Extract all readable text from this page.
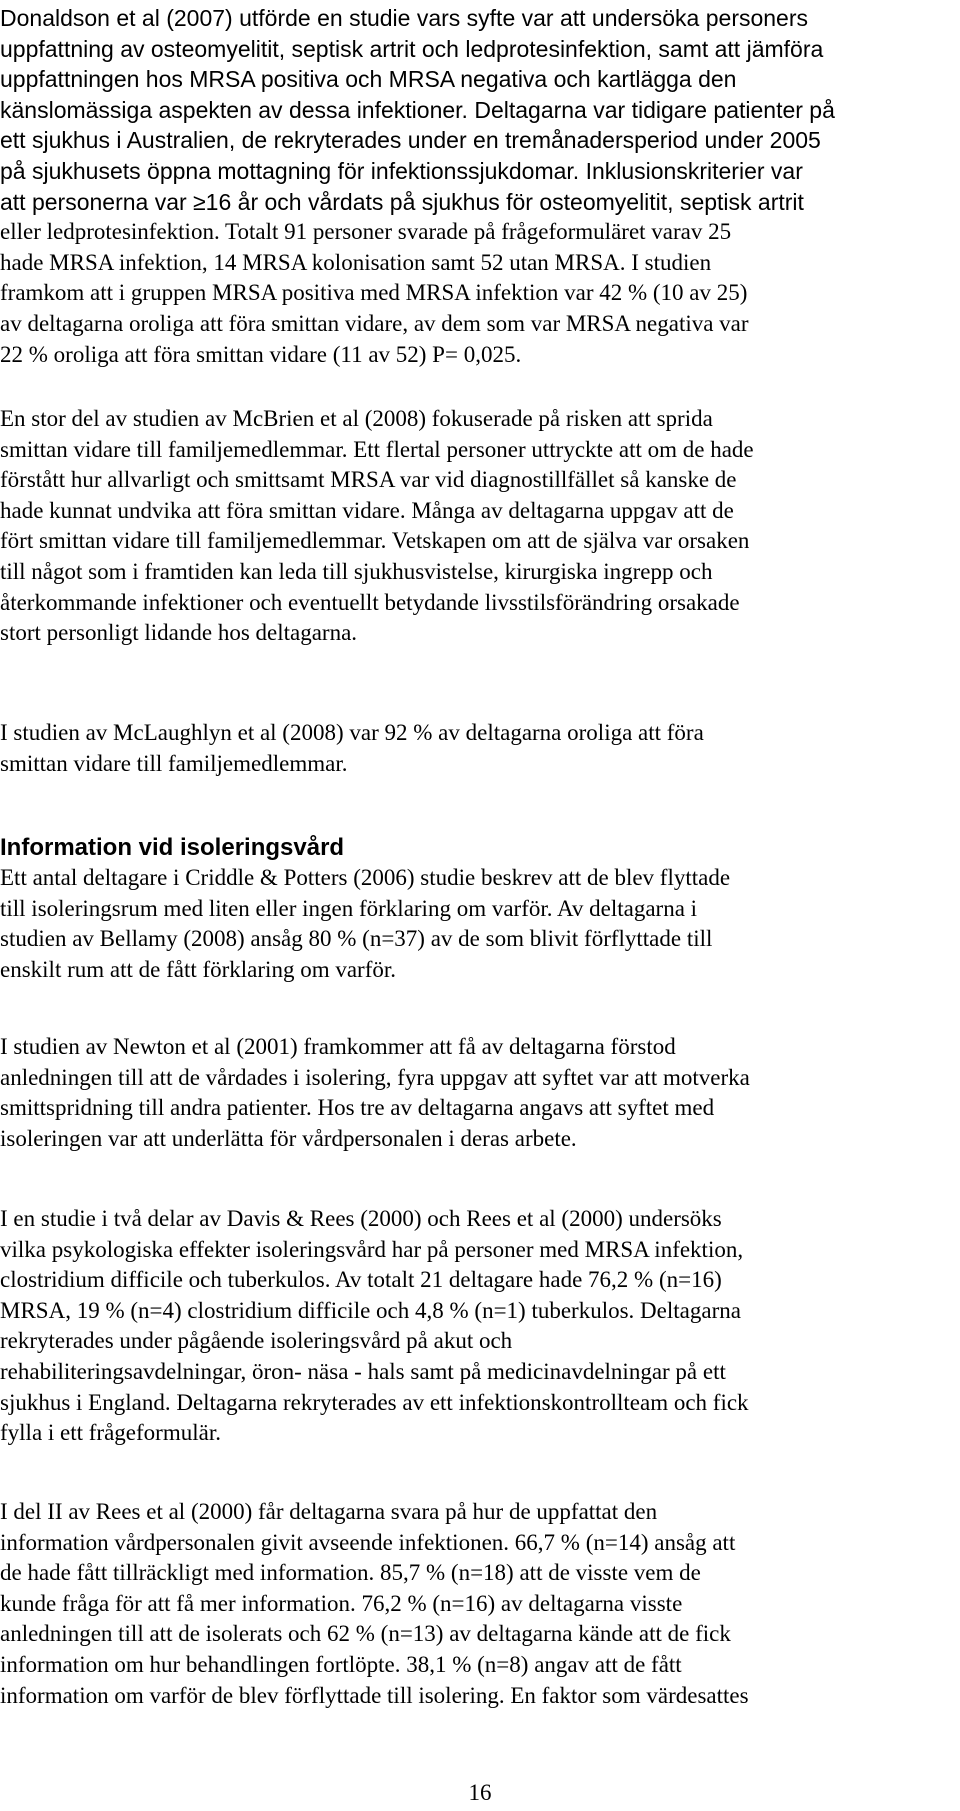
Donaldson et al (2007) utförde en studie vars syfte var att undersöka personers
uppfattning av osteomyelitit, septisk artrit och ledprotesinfektion, samt att jämföra
uppfattningen hos MRSA positiva och MRSA negativa och kartlägga den
känslomässiga aspekten av dessa infektioner. Deltagarna var tidigare patienter på
ett sjukhus i Australien, de rekryterades under en tremånadersperiod under 2005
på sjukhusets öppna mottagning för infektionssjukdomar. Inklusionskriterier var
att personerna var ≥16 år och vårdats på sjukhus för osteomyelitit, septisk artrit
eller ledprotesinfektion. Totalt 91 personer svarade på frågeformuläret varav 25
hade MRSA infektion, 14 MRSA kolonisation samt 52 utan MRSA. I studien
framkom att i gruppen MRSA positiva med MRSA infektion var 42 % (10 av 25)
av deltagarna oroliga att föra smittan vidare, av dem som var MRSA negativa var
22 % oroliga att föra smittan vidare (11 av 52) P= 0,025.
En stor del av studien av McBrien et al (2008) fokuserade på risken att sprida
smittan vidare till familjemedlemmar. Ett flertal personer uttryckte att om de hade
förstått hur allvarligt och smittsamt MRSA var vid diagnostillfället så kanske de
hade kunnat undvika att föra smittan vidare. Många av deltagarna uppgav att de
fört smittan vidare till familjemedlemmar. Vetskapen om att de själva var orsaken
till något som i framtiden kan leda till sjukhusvistelse, kirurgiska ingrepp och
återkommande infektioner och eventuellt betydande livsstilsförändring orsakade
stort personligt lidande hos deltagarna.
I studien av McLaughlyn et al (2008) var 92 % av deltagarna oroliga att föra
smittan vidare till familjemedlemmar.
Information vid isoleringsvård
Ett antal deltagare i Criddle & Potters (2006) studie beskrev att de blev flyttade
till isoleringsrum med liten eller ingen förklaring om varför. Av deltagarna i
studien av Bellamy (2008) ansåg 80 % (n=37) av de som blivit förflyttade till
enskilt rum att de fått förklaring om varför.
I studien av Newton et al (2001) framkommer att få av deltagarna förstod
anledningen till att de vårdades i isolering, fyra uppgav att syftet var att motverka
smittspridning till andra patienter. Hos tre av deltagarna angavs att syftet med
isoleringen var att underlätta för vårdpersonalen i deras arbete.
I en studie i två delar av Davis & Rees (2000) och Rees et al (2000) undersöks
vilka psykologiska effekter isoleringsvård har på personer med MRSA infektion,
clostridium difficile och tuberkulos. Av totalt 21 deltagare hade 76,2 % (n=16)
MRSA, 19 % (n=4) clostridium difficile och 4,8 % (n=1) tuberkulos. Deltagarna
rekryterades under pågående isoleringsvård på akut och
rehabiliteringsavdelningar, öron- näsa - hals samt på medicinavdelningar på ett
sjukhus i England. Deltagarna rekryterades av ett infektionskontrollteam och fick
fylla i ett frågeformulär.
I del II av Rees et al (2000) får deltagarna svara på hur de uppfattat den
information vårdpersonalen givit avseende infektionen. 66,7 % (n=14) ansåg att
de hade fått tillräckligt med information. 85,7 % (n=18) att de visste vem de
kunde fråga för att få mer information. 76,2 % (n=16) av deltagarna visste
anledningen till att de isolerats och 62 % (n=13) av deltagarna kände att de fick
information om hur behandlingen fortlöpte. 38,1 % (n=8) angav att de fått
information om varför de blev förflyttade till isolering. En faktor som värdesattes
16
